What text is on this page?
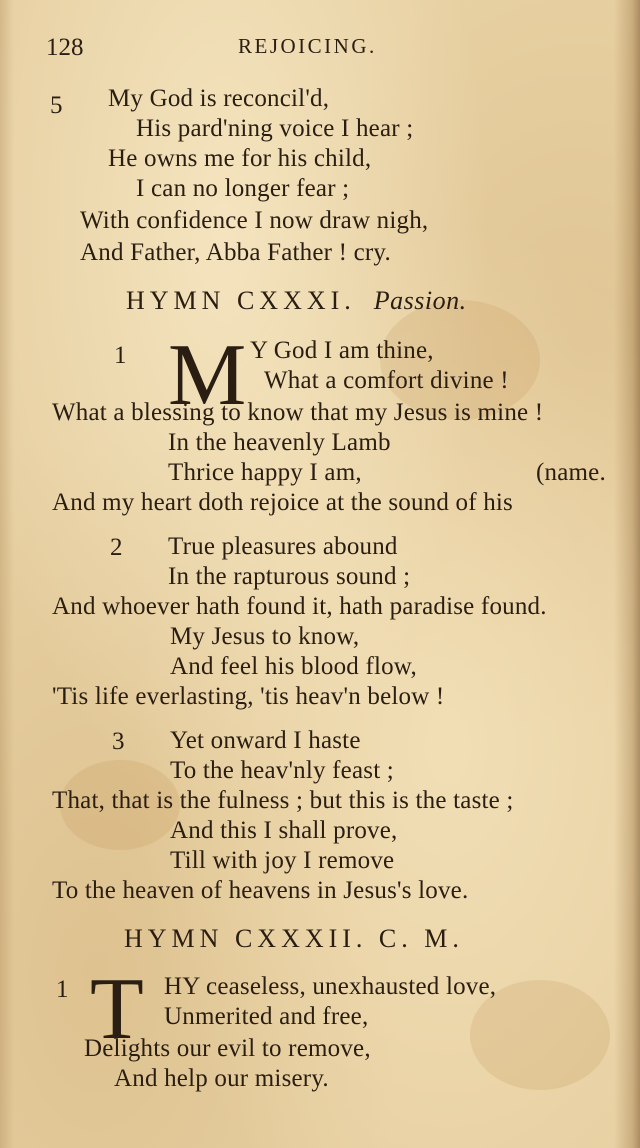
128	REJOICING.
5 My God is reconcil'd,
His pard'ning voice I hear ;
He owns me for his child,
I can no longer fear ;
With confidence I now draw nigh,
And Father, Abba Father ! cry.
HYMN CXXXI. Passion.
1 M Y God I am thine,
What a comfort divine !
What a blessing to know that my Jesus is mine !
In the heavenly Lamb
Thrice happy I am,	(name.
And my heart doth rejoice at the sound of his
2 True pleasures abound
In the rapturous sound ;
And whoever hath found it, hath paradise found.
My Jesus to know,
And feel his blood flow,
'Tis life everlasting, 'tis heav'n below !
3 Yet onward I haste
To the heav'nly feast ;
That, that is the fulness ; but this is the taste ;
And this I shall prove,
Till with joy I remove
To the heaven of heavens in Jesus's love.
HYMN CXXXII. C. M.
1 T HY ceaseless, unexhausted love,
Unmerited and free,
Delights our evil to remove,
And help our misery.
